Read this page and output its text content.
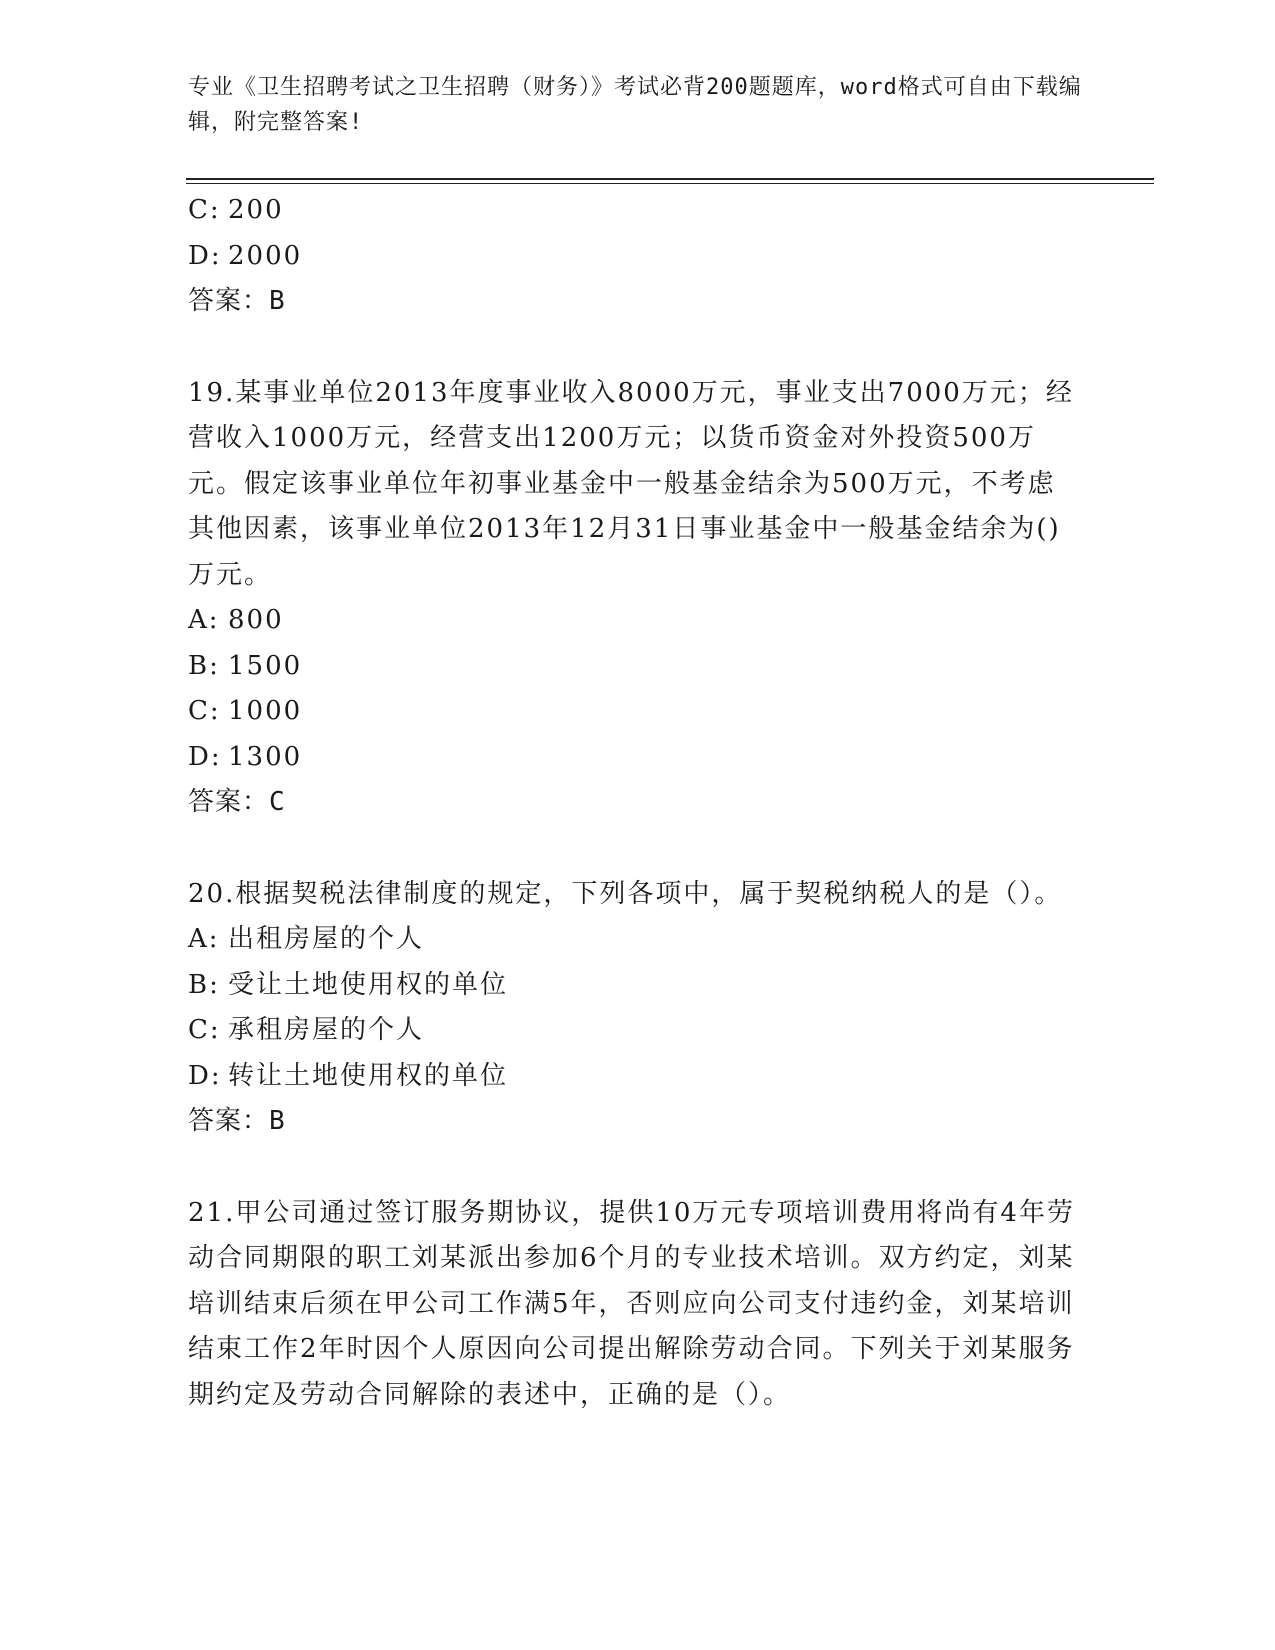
专业《卫生招聘考试之卫生招聘（财务）》考试必背200题题库，word格式可自由下载编辑，附完整答案!

C: 200

D: 2000

答案：B

19.某事业单位2013年度事业收入8000万元，事业支出7000万元；经营收入1000万元，经营支出1200万元；以货币资金对外投资500万元。假定该事业单位年初事业基金中一般基金结余为500万元，不考虑其他因素，该事业单位2013年12月31日事业基金中一般基金结余为()万元。

A: 800

B: 1500

C: 1000

D: 1300

答案：C

20.根据契税法律制度的规定，下列各项中，属于契税纳税人的是（）。

A: 出租房屋的个人

B: 受让土地使用权的单位

C: 承租房屋的个人

D: 转让土地使用权的单位

答案：B

21.甲公司通过签订服务期协议，提供10万元专项培训费用将尚有4年劳动合同期限的职工刘某派出参加6个月的专业技术培训。双方约定，刘某培训结束后须在甲公司工作满5年，否则应向公司支付违约金，刘某培训结束工作2年时因个人原因向公司提出解除劳动合同。下列关于刘某服务期约定及劳动合同解除的表述中，正确的是（）。
